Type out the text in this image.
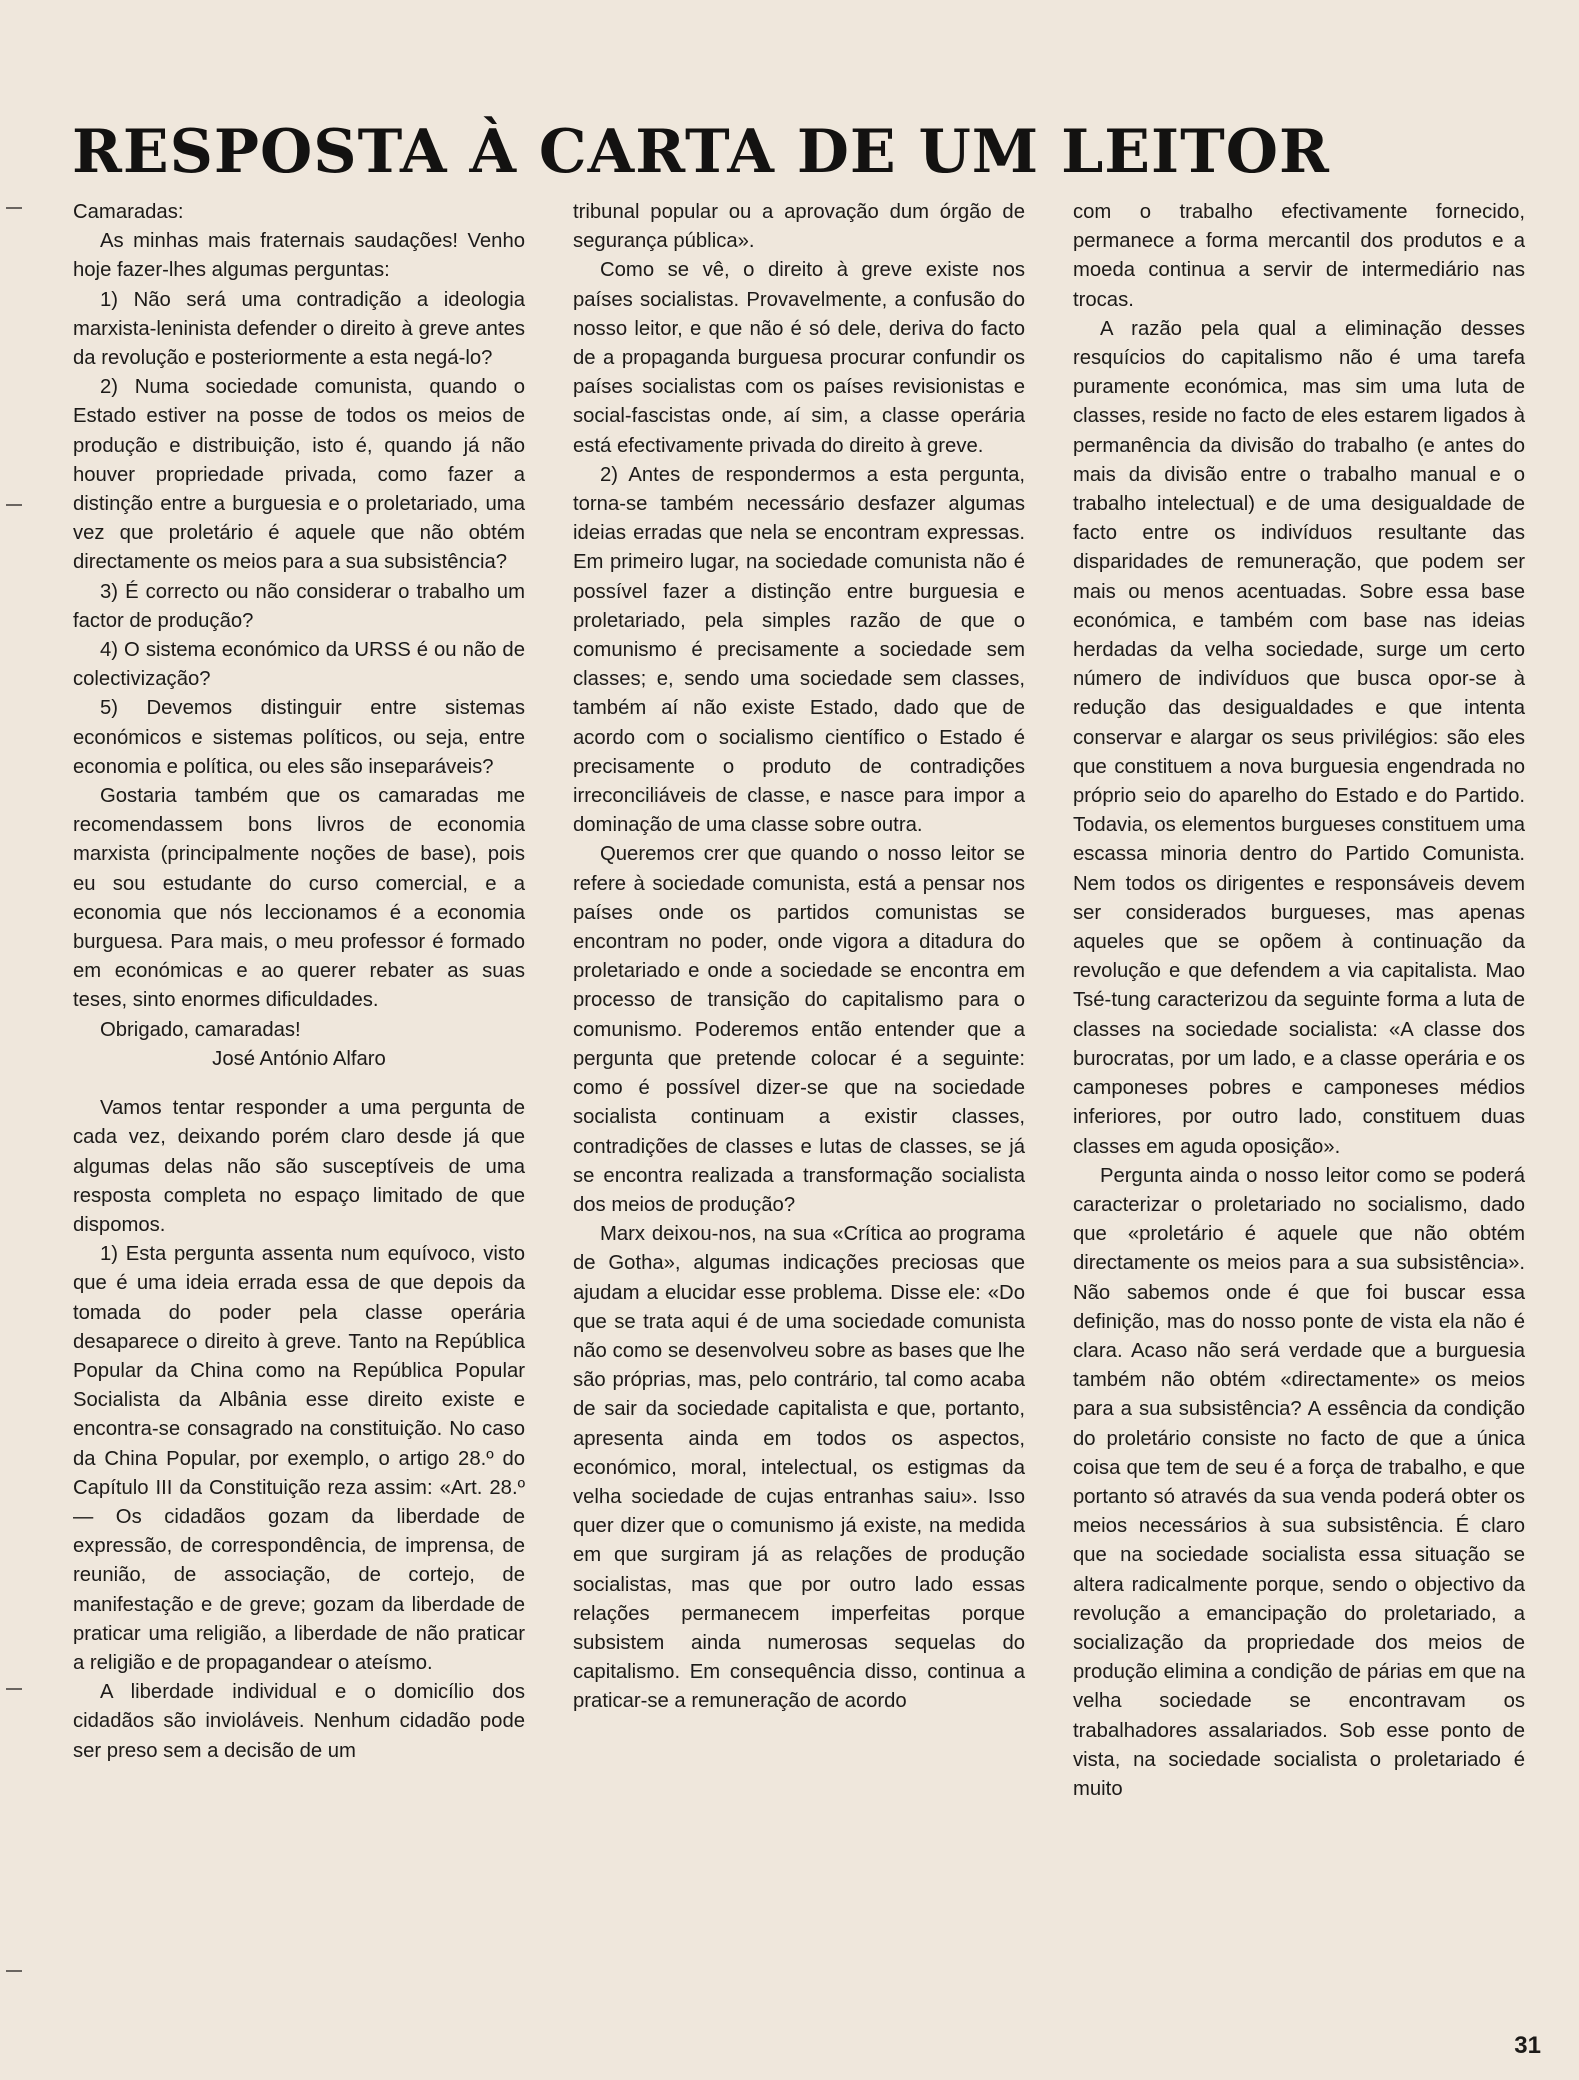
RESPOSTA À CARTA DE UM LEITOR

Camaradas:

As minhas mais fraternais saudações! Venho hoje fazer-lhes algumas perguntas:

1) Não será uma contradição a ideologia marxista-leninista defender o direito à greve antes da revolução e posteriormente a esta negá-lo?

2) Numa sociedade comunista, quando o Estado estiver na posse de todos os meios de produção e distribuição, isto é, quando já não houver propriedade privada, como fazer a distinção entre a burguesia e o proletariado, uma vez que proletário é aquele que não obtém directamente os meios para a sua subsistência?

3) É correcto ou não considerar o trabalho um factor de produção?

4) O sistema económico da URSS é ou não de colectivização?

5) Devemos distinguir entre sistemas económicos e sistemas políticos, ou seja, entre economia e política, ou eles são inseparáveis?

Gostaria também que os camaradas me recomendassem bons livros de economia marxista (principalmente noções de base), pois eu sou estudante do curso comercial, e a economia que nós leccionamos é a economia burguesa. Para mais, o meu professor é formado em económicas e ao querer rebater as suas teses, sinto enormes dificuldades.

Obrigado, camaradas!

José António Alfaro

Vamos tentar responder a uma pergunta de cada vez, deixando porém claro desde já que algumas delas não são susceptíveis de uma resposta completa no espaço limitado de que dispomos.

1) Esta pergunta assenta num equívoco, visto que é uma ideia errada essa de que depois da tomada do poder pela classe operária desaparece o direito à greve. Tanto na República Popular da China como na República Popular Socialista da Albânia esse direito existe e encontra-se consagrado na constituição. No caso da China Popular, por exemplo, o artigo 28.º do Capítulo III da Constituição reza assim: «Art. 28.º — Os cidadãos gozam da liberdade de expressão, de correspondência, de imprensa, de reunião, de associação, de cortejo, de manifestação e de greve; gozam da liberdade de praticar uma religião, a liberdade de não praticar a religião e de propagandear o ateísmo.

A liberdade individual e o domicílio dos cidadãos são invioláveis. Nenhum cidadão pode ser preso sem a decisão de um

tribunal popular ou a aprovação dum órgão de segurança pública».

Como se vê, o direito à greve existe nos países socialistas. Provavelmente, a confusão do nosso leitor, e que não é só dele, deriva do facto de a propaganda burguesa procurar confundir os países socialistas com os países revisionistas e social-fascistas onde, aí sim, a classe operária está efectivamente privada do direito à greve.

2) Antes de respondermos a esta pergunta, torna-se também necessário desfazer algumas ideias erradas que nela se encontram expressas. Em primeiro lugar, na sociedade comunista não é possível fazer a distinção entre burguesia e proletariado, pela simples razão de que o comunismo é precisamente a sociedade sem classes; e, sendo uma sociedade sem classes, também aí não existe Estado, dado que de acordo com o socialismo científico o Estado é precisamente o produto de contradições irreconciliáveis de classe, e nasce para impor a dominação de uma classe sobre outra.

Queremos crer que quando o nosso leitor se refere à sociedade comunista, está a pensar nos países onde os partidos comunistas se encontram no poder, onde vigora a ditadura do proletariado e onde a sociedade se encontra em processo de transição do capitalismo para o comunismo. Poderemos então entender que a pergunta que pretende colocar é a seguinte: como é possível dizer-se que na sociedade socialista continuam a existir classes, contradições de classes e lutas de classes, se já se encontra realizada a transformação socialista dos meios de produção?

Marx deixou-nos, na sua «Crítica ao programa de Gotha», algumas indicações preciosas que ajudam a elucidar esse problema. Disse ele: «Do que se trata aqui é de uma sociedade comunista não como se desenvolveu sobre as bases que lhe são próprias, mas, pelo contrário, tal como acaba de sair da sociedade capitalista e que, portanto, apresenta ainda em todos os aspectos, económico, moral, intelectual, os estigmas da velha sociedade de cujas entranhas saiu». Isso quer dizer que o comunismo já existe, na medida em que surgiram já as relações de produção socialistas, mas que por outro lado essas relações permanecem imperfeitas porque subsistem ainda numerosas sequelas do capitalismo. Em consequência disso, continua a praticar-se a remuneração de acordo

com o trabalho efectivamente fornecido, permanece a forma mercantil dos produtos e a moeda continua a servir de intermediário nas trocas.

A razão pela qual a eliminação desses resquícios do capitalismo não é uma tarefa puramente económica, mas sim uma luta de classes, reside no facto de eles estarem ligados à permanência da divisão do trabalho (e antes do mais da divisão entre o trabalho manual e o trabalho intelectual) e de uma desigualdade de facto entre os indivíduos resultante das disparidades de remuneração, que podem ser mais ou menos acentuadas. Sobre essa base económica, e também com base nas ideias herdadas da velha sociedade, surge um certo número de indivíduos que busca opor-se à redução das desigualdades e que intenta conservar e alargar os seus privilégios: são eles que constituem a nova burguesia engendrada no próprio seio do aparelho do Estado e do Partido. Todavia, os elementos burgueses constituem uma escassa minoria dentro do Partido Comunista. Nem todos os dirigentes e responsáveis devem ser considerados burgueses, mas apenas aqueles que se opõem à continuação da revolução e que defendem a via capitalista. Mao Tsé-tung caracterizou da seguinte forma a luta de classes na sociedade socialista: «A classe dos burocratas, por um lado, e a classe operária e os camponeses pobres e camponeses médios inferiores, por outro lado, constituem duas classes em aguda oposição».

Pergunta ainda o nosso leitor como se poderá caracterizar o proletariado no socialismo, dado que «proletário é aquele que não obtém directamente os meios para a sua subsistência». Não sabemos onde é que foi buscar essa definição, mas do nosso ponte de vista ela não é clara. Acaso não será verdade que a burguesia também não obtém «directamente» os meios para a sua subsistência? A essência da condição do proletário consiste no facto de que a única coisa que tem de seu é a força de trabalho, e que portanto só através da sua venda poderá obter os meios necessários à sua subsistência. É claro que na sociedade socialista essa situação se altera radicalmente porque, sendo o objectivo da revolução a emancipação do proletariado, a socialização da propriedade dos meios de produção elimina a condição de párias em que na velha sociedade se encontravam os trabalhadores assalariados. Sob esse ponto de vista, na sociedade socialista o proletariado é muito

31
